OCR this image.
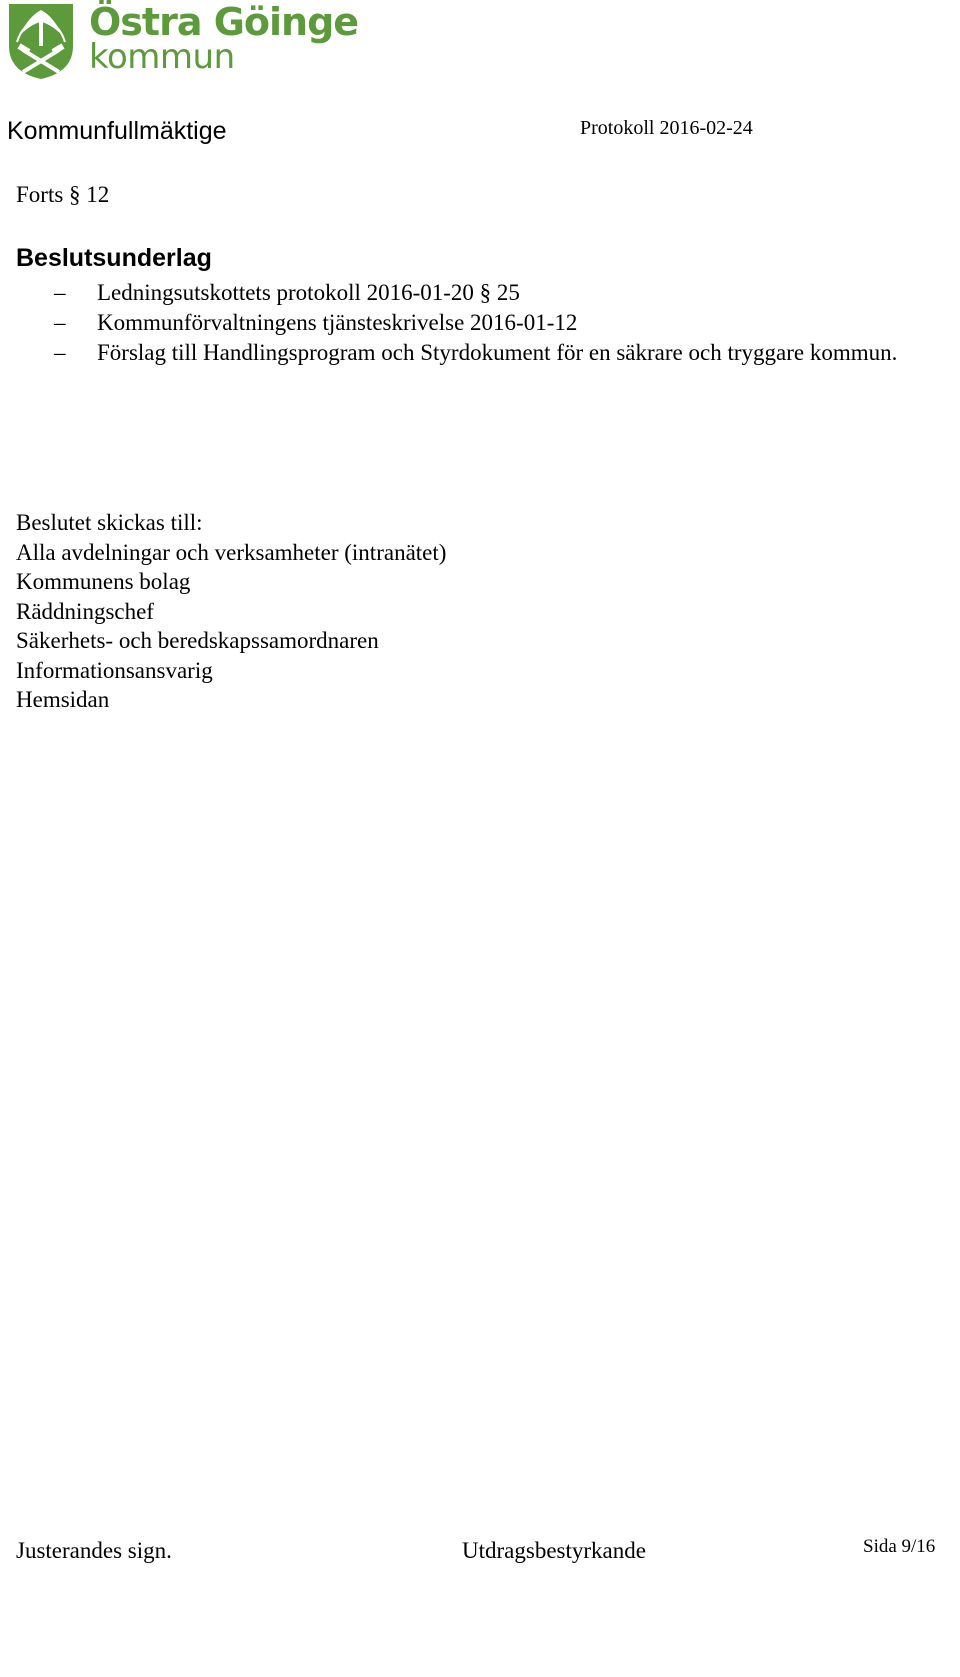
Östra Göinge
kommun
Kommunfullmäktige	Protokoll 2016-02-24
Forts § 12
Beslutsunderlag
– Ledningsutskottets protokoll 2016-01-20 § 25
– Kommunförvaltningens tjänsteskrivelse 2016-01-12
– Förslag till Handlingsprogram och Styrdokument för en säkrare och tryggare kommun.
Beslutet skickas till:
Alla avdelningar och verksamheter (intranätet)
Kommunens bolag
Räddningschef
Säkerhets- och beredskapssamordnaren
Informationsansvarig
Hemsidan
Justerandes sign.	Utdragsbestyrkande	Sida 9/16
